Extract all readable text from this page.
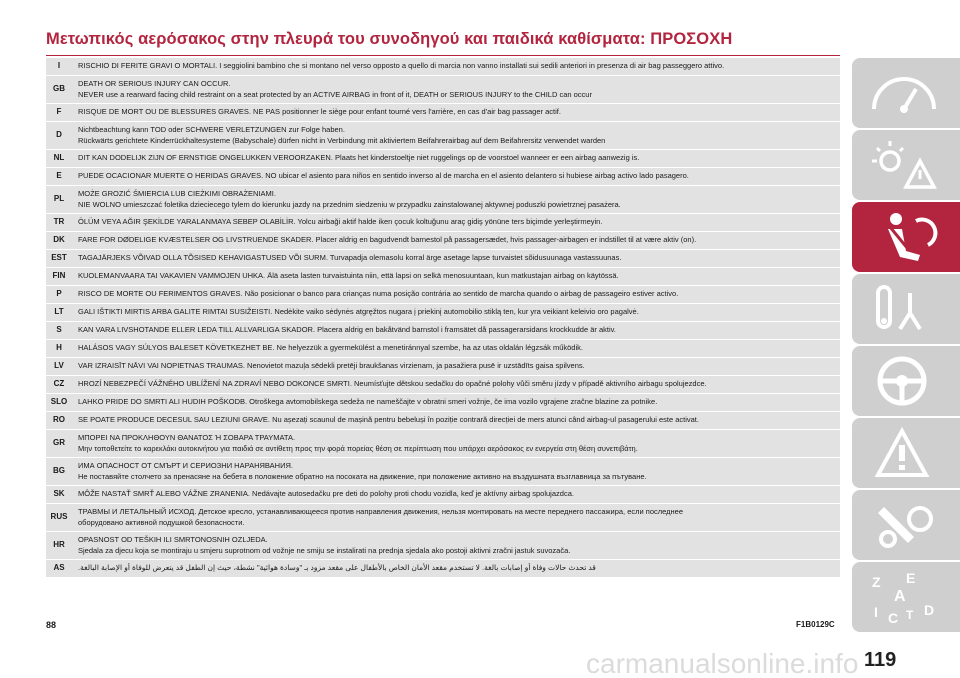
Μετωπικός αερόσακος στην πλευρά του συνοδηγού και παιδικά καθίσματα: ΠΡΟΣΟΧΗ
I	RISCHIO DI FERITE GRAVI O MORTALI. I seggiolini bambino che si montano nel verso opposto a quello di marcia non vanno installati sui sedili anteriori in presenza di air bag passeggero attivo.

GB	DEATH OR SERIOUS INJURY CAN OCCUR.
NEVER use a rearward facing child restraint on a seat protected by an ACTIVE AIRBAG in front of it, DEATH or SERIOUS INJURY to the CHILD can occur

F	RISQUE DE MORT OU DE BLESSURES GRAVES. NE PAS positionner le siège pour enfant tourné vers l'arrière, en cas d'air bag passager actif.

D	Nichtbeachtung kann TOD oder SCHWERE VERLETZUNGEN zur Folge haben.
Rückwärts gerichtete Kinderrückhaltesysteme (Babyschale) dürfen nicht in Verbindung mit aktiviertem Beifahrerairbag auf dem Beifahrersitz verwendet warden

NL	DIT KAN DODELIJK ZIJN OF ERNSTIGE ONGELUKKEN VEROORZAKEN. Plaats het kinderstoeltje niet ruggelings op de voorstoel wanneer er een airbag aanwezig is.

E	PUEDE OCACIONAR MUERTE O HERIDAS GRAVES. NO ubicar el asiento para niños en sentido inverso al de marcha en el asiento delantero si hubiese airbag activo lado pasagero.

PL	MOŻE GROZIĆ ŚMIERCIA LUB CIEŻKIMI OBRAŻENIAMI.
NIE WOLNO umieszczać foletika dzieciecego tylem do kierunku jazdy na przednim siedzeniu w przypadku zainstalowanej aktywnej poduszki powietrznej pasażera.

TR	ÖLÜM VEYA AĞIR ŞEKİLDE YARALANMAYA SEBEP OLABİLİR. Yolcu airbaği aktif halde iken çocuk koltuğunu araç gidiş yönüne ters biçimde yerleştirmeyin.

DK	FARE FOR DØDELIGE KVÆSTELSER OG LIVSTRUENDE SKADER. Placer aldrig en bagudvendt barnestol på passagersædet, hvis passager-airbagen er indstillet til at være aktiv (on).

EST	TAGAJÄRJEKS VÕIVAD OLLA TÕSISED KEHAVIGASTUSED VÕI SURM. Turvapadja olemasolu korral ärge asetage lapse turvaistet sõidusuunaga vastassuunas.

FIN	KUOLEMANVAARA TAI VAKAVIEN VAMMOJEN UHKA. Älä aseta lasten turvaistuinta niin, että lapsi on selkä menosuuntaan, kun matkustajan airbag on käytössä.

P	RISCO DE MORTE OU FERIMENTOS GRAVES. Não posicionar o banco para crianças numa posição contrária ao sentido de marcha quando o airbag de passageiro estiver activo.

LT	GALI IŠTIKTI MIRTIS ARBA GALITE RIMTAI SUSIŽEISTI. Nedėkite vaiko sėdynės atgręžtos nugara į priekinį automobilio stiklą ten, kur yra veikiant keleivio oro pagalvė.

S	KAN VARA LIVSHOTANDE ELLER LEDA TILL ALLVARLIGA SKADOR. Placera aldrig en bakåtvänd barnstol i framsätet då passagerarsidans krockkudde är aktiv.

H	HALÁSOS VAGY SÚLYOS BALESET KÖVETKEZHET BE. Ne helyezzük a gyermekülést a menetiránnyal szembe, ha az utas oldalán légzsák működik.

LV	VAR IZRAISĪT NĀVI VAI NOPIETNAS TRAUMAS. Nenovietot mazuļa sēdekli pretēji braukšanas virzienam, ja pasažiera pusē ir uzstādīts gaisa spilvens.

CZ	HROZÍ NEBEZPEČÍ VÁŽNÉHO UBLÍŽENÍ NA ZDRAVÍ NEBO DOKONCE SMRTI. Neumísťujte dětskou sedačku do opačné polohy vůči směru jízdy v případě aktivního airbagu spolujezdce.

SLO	LAHKO PRIDE DO SMRTI ALI HUDIH POŠKODB. Otroškega avtomobilskega sedeža ne nameščajte v obratni smeri vožnje, če ima vozilo vgrajene zračne blazine za potnike.

RO	SE POATE PRODUCE DECESUL SAU LEZIUNI GRAVE. Nu așezați scaunul de mașină pentru bebeluși în poziție contrară direcției de mers atunci când airbag-ul pasagerului este activat.

GR	ΜΠΟΡΕΙ ΝΑ ΠΡΟΚΛΗΘΟΥΝ ΘΑΝΑΤΟΣ Ή ΣΟΒΑΡΑ ΤΡΑΥΜΑΤΑ.
Μην τοποθετείτε το καρεκλάκι αυτοκινήτου για παιδιά σε αντίθετη προς την φορά πορείας θέση σε περίπτωση που υπάρχει αερόσακος εν ενεργεία στη θέση συνεπιβάτη.

BG	ИМА ОПАСНОСТ ОТ СМЪРТ И СЕРИОЗНИ НАРАНЯВАНИЯ.
Не поставяйте столчето за пренасяне на бебета в положение обратно на посоката на движение, при положение активно на въздушната възглавница за пътуване.

SK	MÔŽE NASTAŤ SMRŤ ALEBO VÁŽNE ZRANENIA. Nedávajte autosedačku pre deti do polohy proti chodu vozidla, keď je aktívny airbag spolujazdca.

RUS	ТРАВМЫ И ЛЕТАЛЬНЫЙ ИСХОД. Детское кресло, устанавливающееся против направления движения, нельзя монтировать на месте переднего пассажира, если последнее
оборудовано активной подушкой безопасности.

HR	OPASNOST OD TEŠKIH ILI SMRTONOSNIH OZLJEDA.
Sjedala za djecu koja se montiraju u smjeru suprotnom od vožnje ne smiju se instalirati na prednja sjedala ako postoji aktivni zračni jastuk suvozača.

AS	قد تحدث حالات وفاة أو إصابات بالغة. لا تستخدم مقعد الأمان الخاص بالأطفال على مقعد مزود بـ "وسادة هوائية" نشطة، حيث إن الطفل قد يتعرض للوفاة أو الإصابة البالغة.
88	F1B0129C
carmanualsonline.info 119
Z E
A
I C T D
